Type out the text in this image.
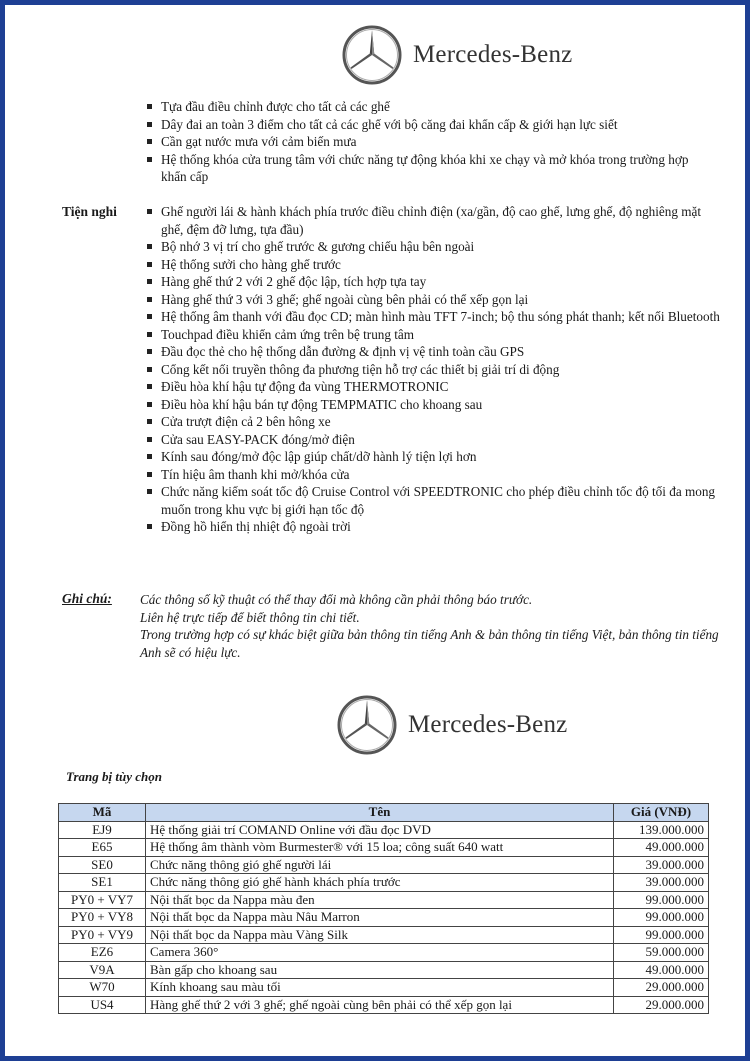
Mercedes-Benz
Tựa đầu điều chỉnh được cho tất cả các ghế
Dây đai an toàn 3 điểm cho tất cả các ghế với bộ căng đai khẩn cấp & giới hạn lực siết
Cần gạt nước mưa với cảm biến mưa
Hệ thống khóa cửa trung tâm với chức năng tự động khóa khi xe chạy và mở khóa trong trường hợp khẩn cấp
Tiện nghi	Ghế người lái & hành khách phía trước điều chỉnh điện (xa/gần, độ cao ghế, lưng ghế, độ nghiêng mặt ghế, đệm đỡ lưng, tựa đầu)
Bộ nhớ 3 vị trí cho ghế trước & gương chiếu hậu bên ngoài
Hệ thống sưởi cho hàng ghế trước
Hàng ghế thứ 2 với 2 ghế độc lập, tích hợp tựa tay
Hàng ghế thứ 3 với 3 ghế; ghế ngoài cùng bên phải có thể xếp gọn lại
Hệ thống âm thanh với đầu đọc CD; màn hình màu TFT 7-inch; bộ thu sóng phát thanh; kết nối Bluetooth
Touchpad điều khiển cảm ứng trên bệ trung tâm
Đầu đọc thẻ cho hệ thống dẫn đường & định vị vệ tinh toàn cầu GPS
Cổng kết nối truyền thông đa phương tiện hỗ trợ các thiết bị giải trí di động
Điều hòa khí hậu tự động đa vùng THERMOTRONIC
Điều hòa khí hậu bán tự động TEMPMATIC cho khoang sau
Cửa trượt điện cả 2 bên hông xe
Cửa sau EASY-PACK đóng/mở điện
Kính sau đóng/mở độc lập giúp chất/dỡ hành lý tiện lợi hơn
Tín hiệu âm thanh khi mở/khóa cửa
Chức năng kiểm soát tốc độ Cruise Control với SPEEDTRONIC cho phép điều chỉnh tốc độ tối đa mong muốn trong khu vực bị giới hạn tốc độ
Đồng hồ hiển thị nhiệt độ ngoài trời
Ghi chú: Các thông số kỹ thuật có thể thay đổi mà không cần phải thông báo trước.
Liên hệ trực tiếp để biết thông tin chi tiết.
Trong trường hợp có sự khác biệt giữa bản thông tin tiếng Anh & bản thông tin tiếng Việt, bản thông tin tiếng Anh sẽ có hiệu lực.
Mercedes-Benz
Trang bị tùy chọn
Mã	Tên	Giá (VNĐ)
EJ9	Hệ thống giải trí COMAND Online với đầu đọc DVD	139.000.000
E65	Hệ thống âm thành vòm Burmester® với 15 loa; công suất 640 watt	49.000.000
SE0	Chức năng thông gió ghế người lái	39.000.000
SE1	Chức năng thông gió ghế hành khách phía trước	39.000.000
PY0 + VY7	Nội thất bọc da Nappa màu đen	99.000.000
PY0 + VY8	Nội thất bọc da Nappa màu Nâu Marron	99.000.000
PY0 + VY9	Nội thất bọc da Nappa màu Vàng Silk	99.000.000
EZ6	Camera 360°	59.000.000
V9A	Bàn gấp cho khoang sau	49.000.000
W70	Kính khoang sau màu tối	29.000.000
US4	Hàng ghế thứ 2 với 3 ghế; ghế ngoài cùng bên phải có thể xếp gọn lại	29.000.000
